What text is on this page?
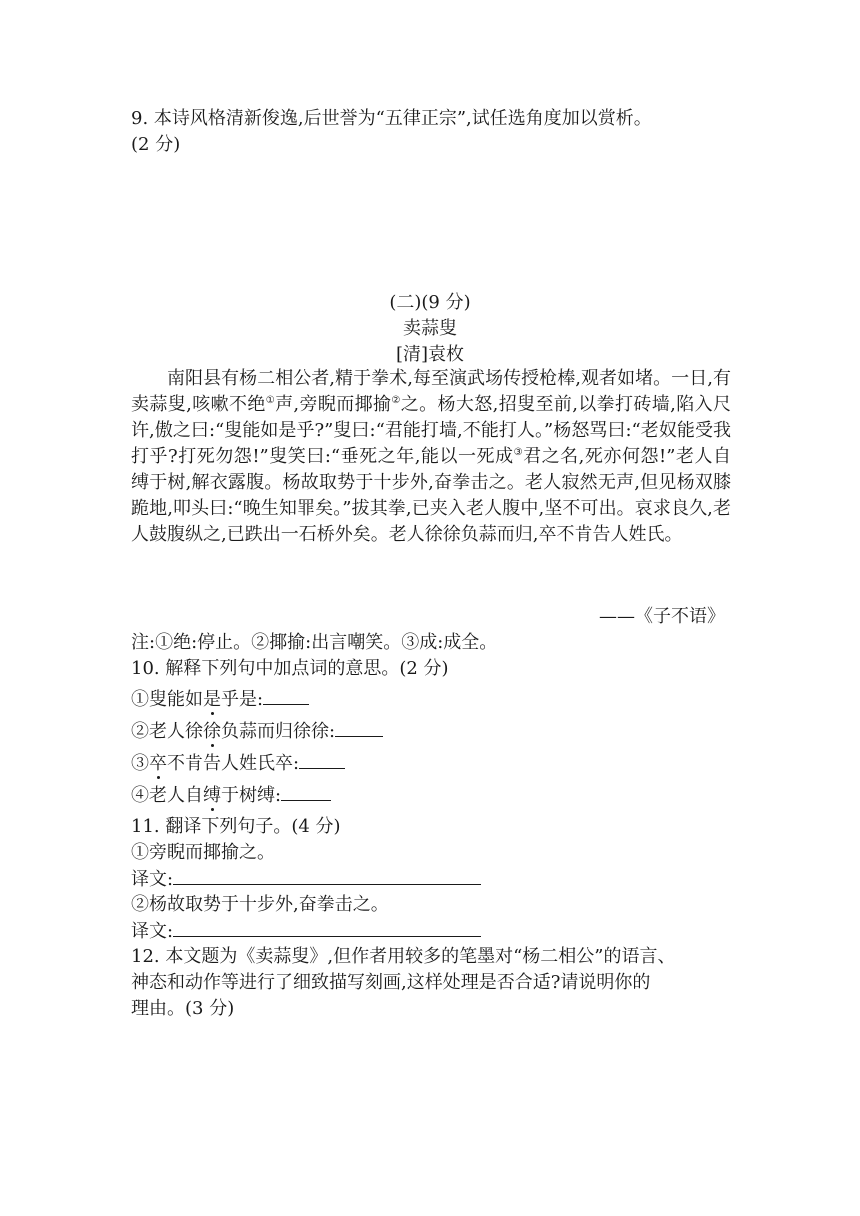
9. 本诗风格清新俊逸,后世誉为“五律正宗”,试任选角度加以赏析。
(2 分)
(二)(9 分)
卖蒜叟
[清]袁枚
南阳县有杨二相公者,精于拳术,每至演武场传授枪棒,观者如堵。一日,有卖蒜叟,咳嗽不绝①声,旁睨而揶揄②之。杨大怒,招叟至前,以拳打砖墙,陷入尺许,傲之曰:“叟能如是乎?”叟曰:“君能打墙,不能打人。”杨怒骂曰:“老奴能受我打乎?打死勿怨!”叟笑曰:“垂死之年,能以一死成③君之名,死亦何怨!”老人自缚于树,解衣露腹。杨故取势于十步外,奋拳击之。老人寂然无声,但见杨双膝跪地,叩头曰:“晚生知罪矣。”拔其拳,已夹入老人腹中,坚不可出。哀求良久,老人鼓腹纵之,已跌出一石桥外矣。老人徐徐负蒜而归,卒不肯告人姓氏。
——《子不语》
注:①绝:停止。②揶揄:出言嘲笑。③成:成全。
10. 解释下列句中加点词的意思。(2 分)
①叟能如是乎是:
②老人徐徐负蒜而归徐徐:
③卒不肯告人姓氏卒:
④老人自缚于树缚:
11. 翻译下列句子。(4 分)
①旁睨而揶揄之。
译文:
②杨故取势于十步外,奋拳击之。
译文:
12. 本文题为《卖蒜叟》,但作者用较多的笔墨对“杨二相公”的语言、
神态和动作等进行了细致描写刻画,这样处理是否合适?请说明你的
理由。(3 分)
